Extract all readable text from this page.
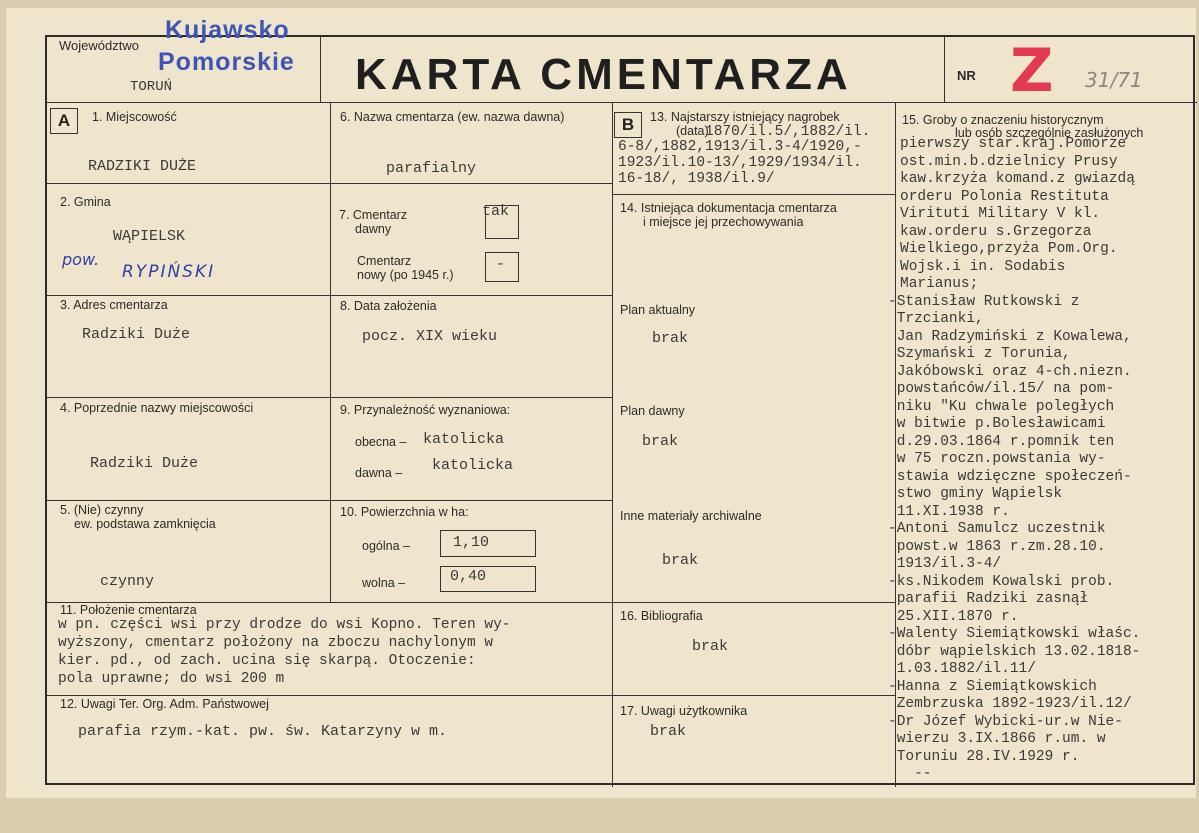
Województwo
Kujawsko
Pomorskie
TORUŃ	KARTA CMENTARZA	NR Z 31/71
A	B
1. Miejscowość
RADZIKI DUŻE
2. Gmina
WĄPIELSK
pow.
RYPIŃSKI
3. Adres cmentarza
Radziki Duże
4. Poprzednie nazwy miejscowości
Radziki Duże
5. (Nie) czynny
ew. podstawa zamknięcia
czynny
6. Nazwa cmentarza (ew. nazwa dawna)
parafialny
7. Cmentarz
dawny
tak
Cmentarz
nowy (po 1945 r.)
-
8. Data założenia
pocz. XIX wieku
9. Przynależność wyznaniowa:
obecna – katolicka
dawna – katolicka
10. Powierzchnia w ha:
ogólna –	1,10
wolna –	0,40
11. Położenie cmentarza
w pn. części wsi przy drodze do wsi Kopno. Teren wy-
wyższony, cmentarz położony na zboczu nachylonym w
kier. pd., od zach. ucina się skarpą. Otoczenie:
pola uprawne; do wsi 200 m
12. Uwagi Ter. Org. Adm. Państwowej
parafia rzym.-kat. pw. św. Katarzyny w m.
13. Najstarszy istniejący nagrobek
(data)
1870/il.5/,1882/il.
6-8/,1882,1913/il.3-4/1920,-
1923/il.10-13/,1929/1934/il.
16-18/, 1938/il.9/
14. Istniejąca dokumentacja cmentarza
i miejsce jej przechowywania
Plan aktualny
brak
Plan dawny
brak
Inne materiały archiwalne
brak
16. Bibliografia
brak
17. Uwagi użytkownika
brak
15. Groby o znaczeniu historycznym
lub osób szczególnie zasłużonych
pierwszy star.kraj.Pomorze
ost.min.b.dzielnicy Prusy
kaw.krzyża komand.z gwiazdą
orderu Polonia Restituta
Virituti Military V kl.
kaw.orderu s.Grzegorza
Wielkiego,przyża Pom.Org.
Wojsk.i in. Sodabis
Marianus;
-Stanisław Rutkowski z
Trzcianki,
Jan Radzymiński z Kowalewa,
Szymański z Torunia,
Jakóbowski oraz 4-ch.niezn.
powstańców/il.15/ na pom-
niku "Ku chwale poległych
w bitwie p.Bolesławicami
d.29.03.1864 r.pomnik ten
w 75 roczn.powstania wy-
stawia wdzięczne społeczeń-
stwo gminy Wąpielsk
11.XI.1938 r.
-Antoni Samulcz uczestnik
powst.w 1863 r.zm.28.10.
1913/il.3-4/
-ks.Nikodem Kowalski prob.
parafii Radziki zasnął
25.XII.1870 r.
-Walenty Siemiątkowski właśc.
dóbr wąpielskich 13.02.1818-
1.03.1882/il.11/
-Hanna z Siemiątkowskich
Zembrzuska 1892-1923/il.12/
-Dr Józef Wybicki-ur.w Nie-
wierzu 3.IX.1866 r.um. w
Toruniu 28.IV.1929 r.
--
